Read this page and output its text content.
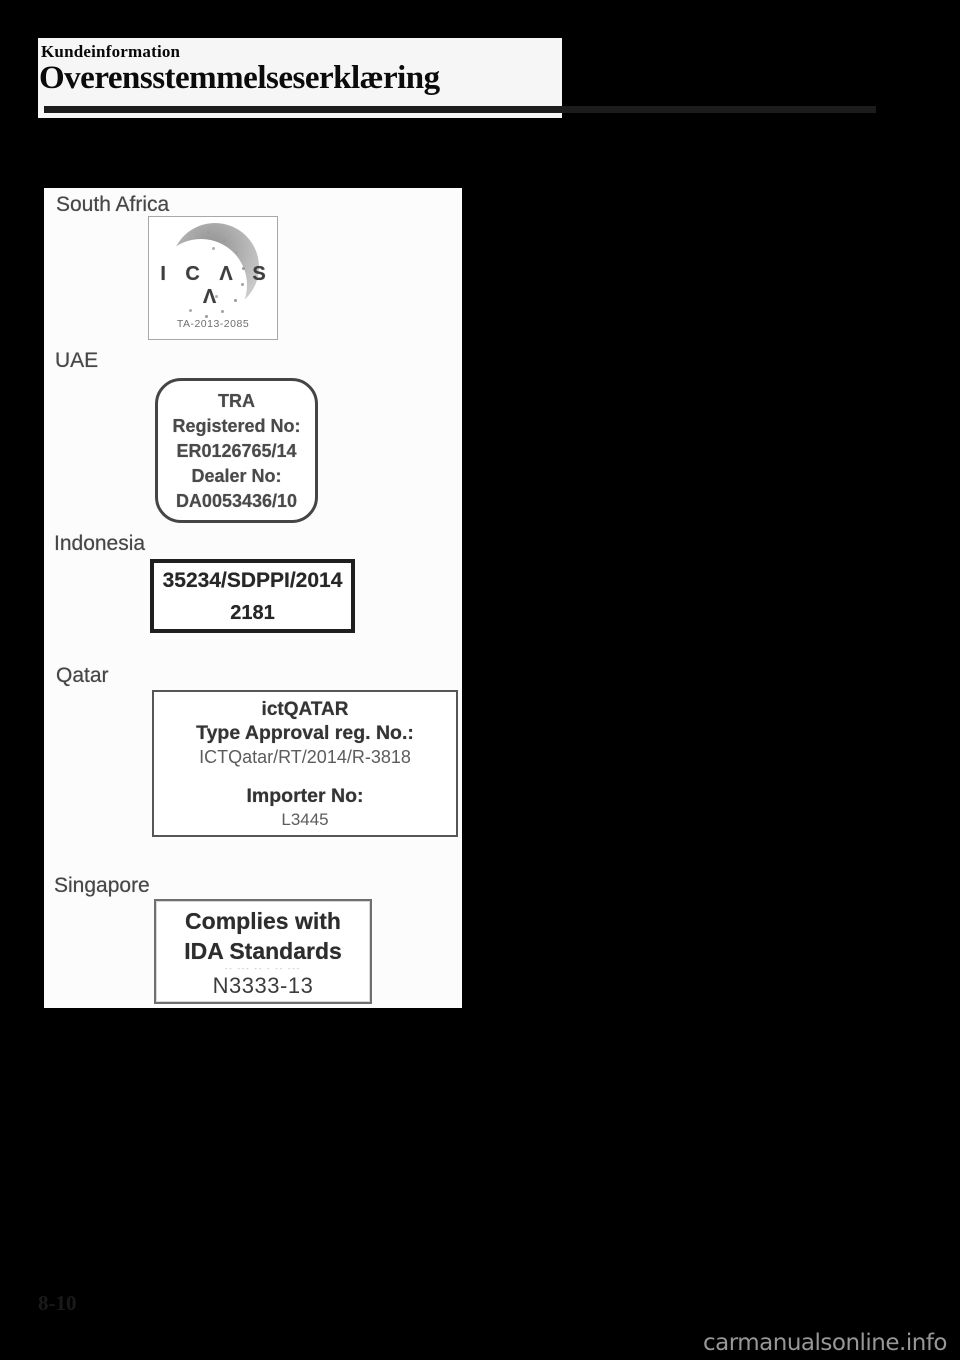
Kundeinformation
Overensstemmelseserklæring
South Africa
I C Λ S Λ
TA-2013-2085
UAE
TRA
Registered No:
ER0126765/14
Dealer No:
DA0053436/10
Indonesia
35234/SDPPI/2014
2181
Qatar
ictQATAR
Type Approval reg. No.:
ICTQatar/RT/2014/R-3818
Importer No:
L3445
Singapore
Complies with
IDA Standards
-- --- -- - -- ---
N3333-13
8-10
carmanualsonline.info
